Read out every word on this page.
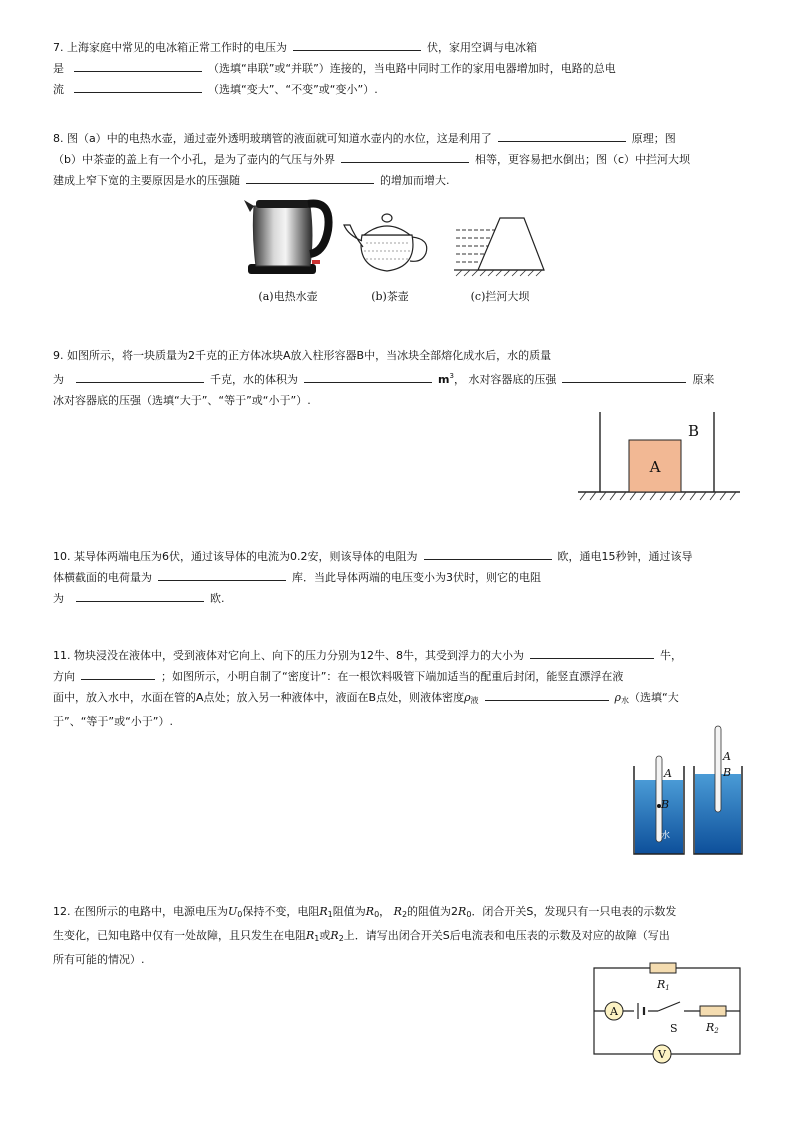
7. 上海家庭中常见的电冰箱正常工作时的电压为	伏，家用空调与电冰箱
是	（选填“串联”或“并联”）连接的，当电路中同时工作的家用电器增加时，电路的总电
流	（选填“变大”、“不变”或“变小”）.
8. 图（a）中的电热水壶，通过壶外透明玻璃管的液面就可知道水壶内的水位，这是利用了	原理；图
（b）中茶壶的盖上有一个小孔，是为了壶内的气压与外界	相等，更容易把水倒出；图（c）中拦河大坝
建成上窄下宽的主要原因是水的压强随	的增加而增大.
(a)电热水壶	(b)茶壶	(c)拦河大坝
9. 如图所示，将一块质量为2千克的正方体冰块A放入柱形容器B中，当冰块全部熔化成水后，水的质量
为	千克，水的体积为	$m^3$， 水对容器底的压强	原来
冰对容器底的压强（选填“大于”、“等于”或“小于”）.
A
B
10. 某导体两端电压为6伏，通过该导体的电流为0.2安，则该导体的电阻为	欧，通电15秒钟，通过该导
体横截面的电荷量为	库．当此导体两端的电压变小为3伏时，则它的电阻
为	欧.
11. 物块浸没在液体中，受到液体对它向上、向下的压力分别为12牛、8牛，其受到浮力的大小为	牛，
方向	；如图所示，小明自制了“密度计”：在一根饮料吸管下端加适当的配重后封闭，能竖直漂浮在液
面中，放入水中，水面在管的A点处；放入另一种液体中，液面在B点处，则液体密度$\rho_液$	$\rho_水$（选填“大
于”、“等于”或“小于”）.
A
B
水
A
B
12. 在图所示的电路中，电源电压为$U_0$保持不变，电阻$R_1$阻值为$R_0$， $R_2$的阻值为$2R_0$．闭合开关S，发现只有一只电表的示数发
生变化，已知电路中仅有一处故障，且只发生在电阻$R_1$或$R_2$上．请写出闭合开关S后电流表和电压表的示数及对应的故障（写出
所有可能的情况）.
R1
A
S	R2
V
